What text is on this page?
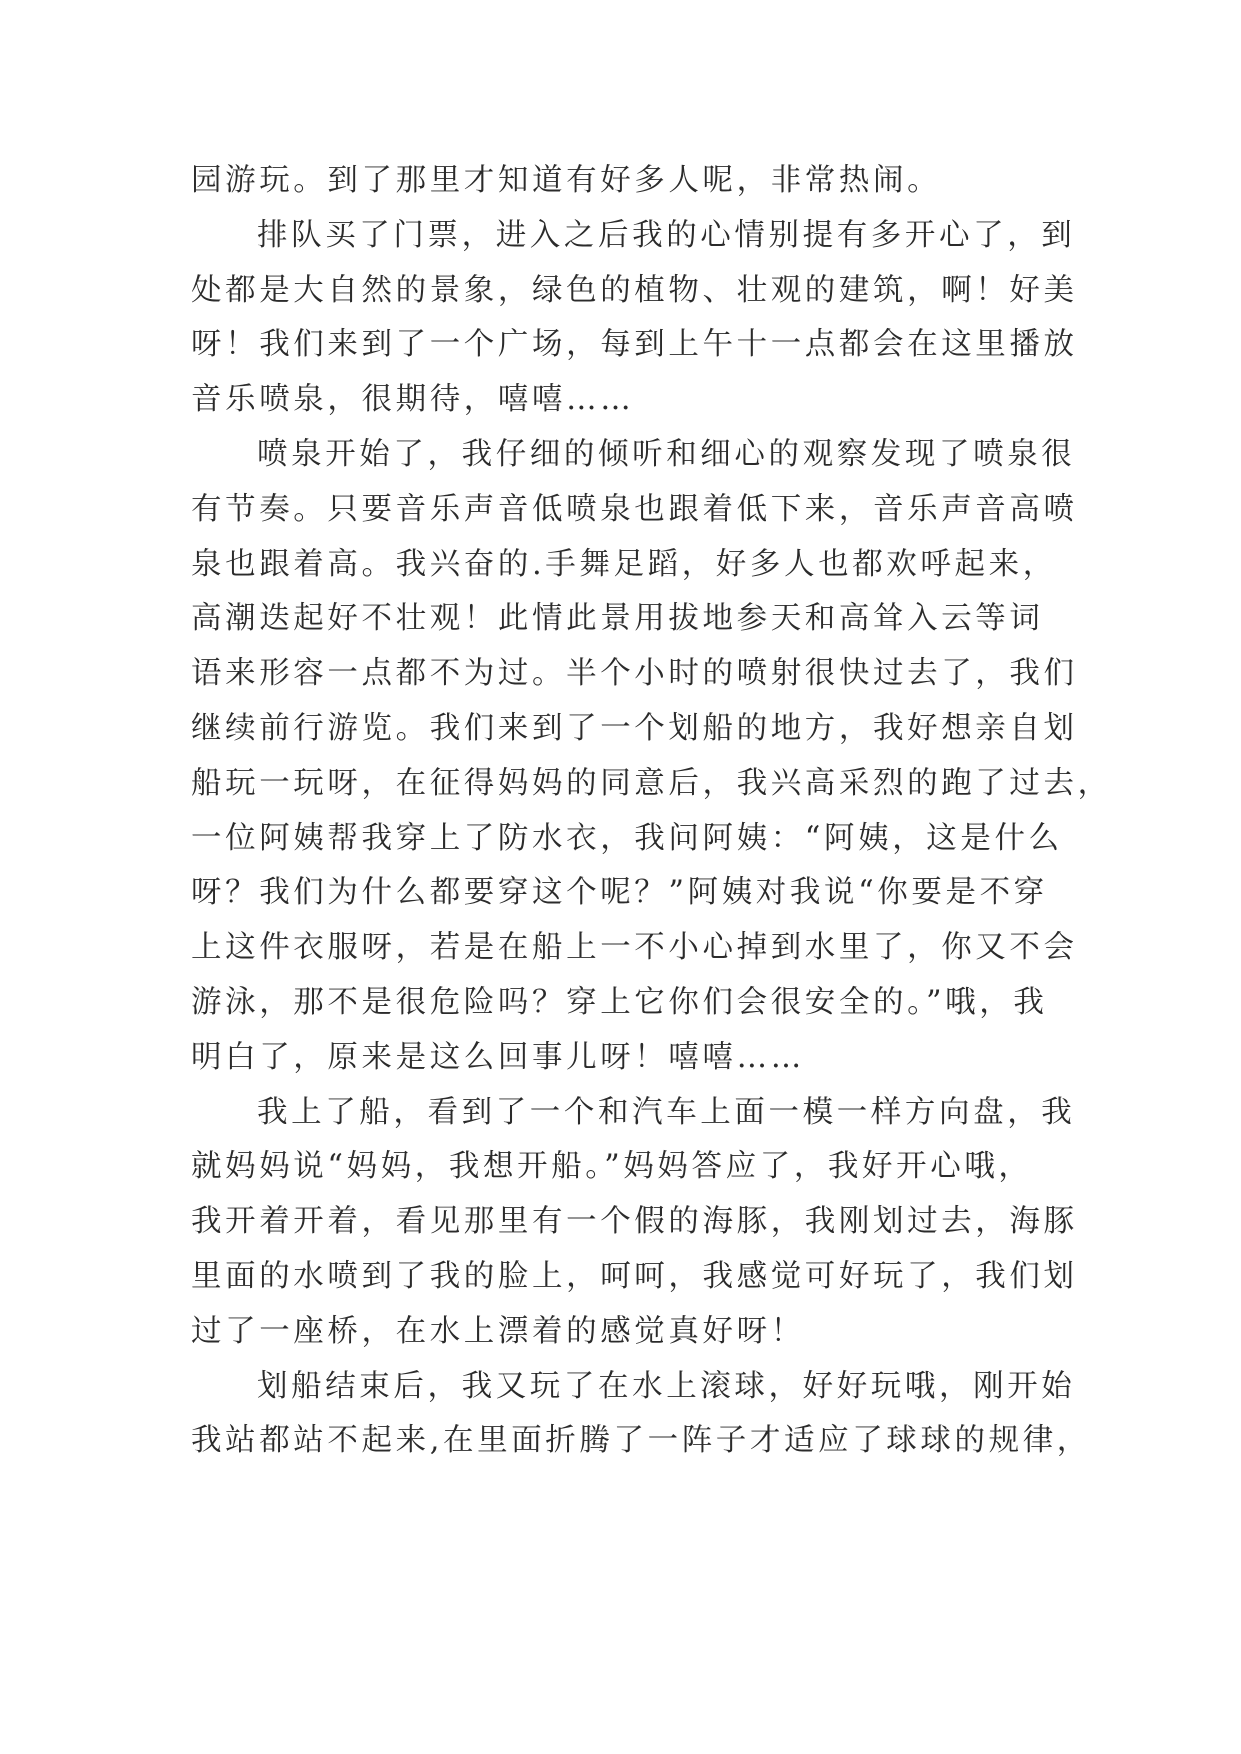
园游玩。到了那里才知道有好多人呢，非常热闹。
排队买了门票，进入之后我的心情别提有多开心了，到
处都是大自然的景象，绿色的植物、壮观的建筑，啊！好美
呀！我们来到了一个广场，每到上午十一点都会在这里播放
音乐喷泉，很期待，嘻嘻……
喷泉开始了，我仔细的倾听和细心的观察发现了喷泉很
有节奏。只要音乐声音低喷泉也跟着低下来，音乐声音高喷
泉也跟着高。我兴奋的.手舞足蹈，好多人也都欢呼起来，
高潮迭起好不壮观！此情此景用拔地参天和高耸入云等词
语来形容一点都不为过。半个小时的喷射很快过去了，我们
继续前行游览。我们来到了一个划船的地方，我好想亲自划
船玩一玩呀，在征得妈妈的同意后，我兴高采烈的跑了过去，
一位阿姨帮我穿上了防水衣，我问阿姨：“阿姨，这是什么
呀？我们为什么都要穿这个呢？”阿姨对我说“你要是不穿
上这件衣服呀，若是在船上一不小心掉到水里了，你又不会
游泳，那不是很危险吗？穿上它你们会很安全的。”哦，我
明白了，原来是这么回事儿呀！嘻嘻……
我上了船，看到了一个和汽车上面一模一样方向盘，我
就妈妈说“妈妈，我想开船。”妈妈答应了，我好开心哦，
我开着开着，看见那里有一个假的海豚，我刚划过去，海豚
里面的水喷到了我的脸上，呵呵，我感觉可好玩了，我们划
过了一座桥，在水上漂着的感觉真好呀！
划船结束后，我又玩了在水上滚球，好好玩哦，刚开始
我站都站不起来,在里面折腾了一阵子才适应了球球的规律，
